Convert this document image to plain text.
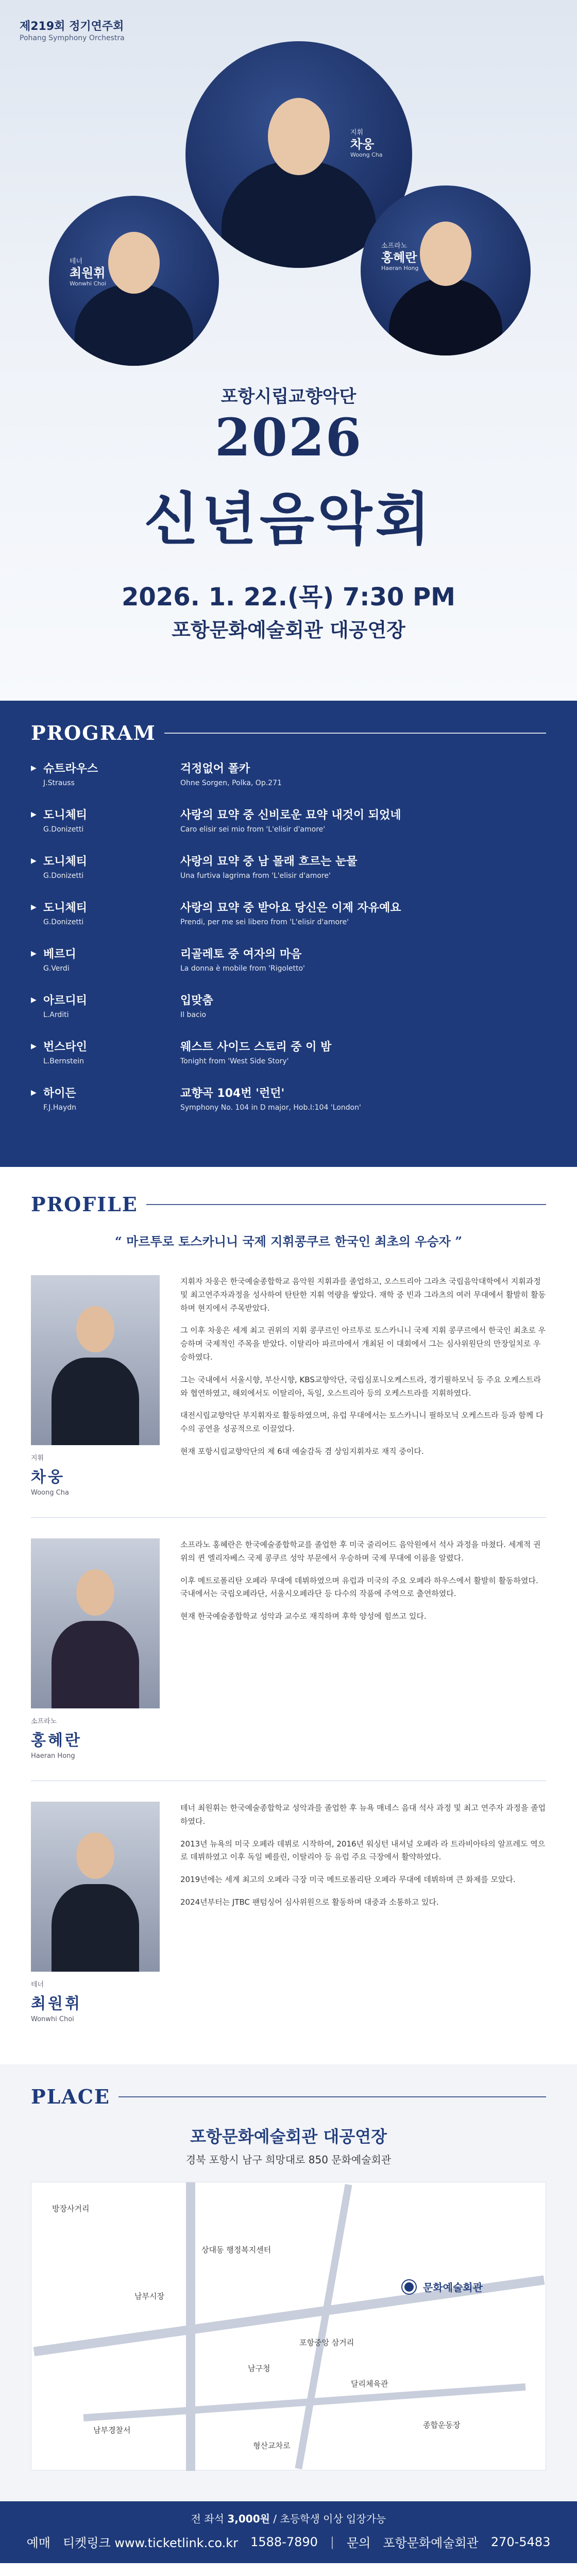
제219회 정기연주회
Pohang Symphony Orchestra
지휘
차웅
Woong Cha
테너
최원휘
Wonwhi Choi
소프라노
홍혜란
Haeran Hong
포항시립교향악단
2026
신년음악회
2026. 1. 22.(목) 7:30 PM
포항문화예술회관 대공연장
PROGRAM
▶ 슈트라우스
J.Strauss
걱정없어 폴카
Ohne Sorgen, Polka, Op.271
▶ 도니체티
G.Donizetti
사랑의 묘약 중 신비로운 묘약 내것이 되었네
Caro elisir sei mio from 'L'elisir d'amore'
▶ 도니체티
G.Donizetti
사랑의 묘약 중 남 몰래 흐르는 눈물
Una furtiva lagrima from 'L'elisir d'amore'
▶ 도니체티
G.Donizetti
사랑의 묘약 중 받아요 당신은 이제 자유예요
Prendi, per me sei libero from 'L'elisir d'amore'
▶ 베르디
G.Verdi
리골레토 중 여자의 마음
La donna è mobile from 'Rigoletto'
▶ 아르디티
L.Arditi
입맞춤
Il bacio
▶ 번스타인
L.Bernstein
웨스트 사이드 스토리 중 이 밤
Tonight from 'West Side Story'
▶ 하이든
F.J.Haydn
교향곡 104번 '런던'
Symphony No. 104 in D major, Hob.I:104 'London'
PROFILE
“ 마르투로 토스카니니 국제 지휘콩쿠르 한국인 최초의 우승자 ”
지휘
차웅
Woong Cha

지휘자 차웅은 한국예술종합학교 음악원 지휘과를 졸업하고, 오스트리아 그라츠 국립음악대학에서 지휘과정 및 최고연주자과정을 성사하여 탄탄한 지휘 역량을 쌓았다. 재학 중 빈과 그라츠의 여러 무대에서 활발히 활동하며 현지에서 주목받았다.

그 이후 차웅은 세계 최고 권위의 지휘 콩쿠르인 아르투로 토스카니니 국제 지휘 콩쿠르에서 한국인 최초로 우승하며 국제적인 주목을 받았다. 이탈리아 파르마에서 개최된 이 대회에서 그는 심사위원단의 만장일치로 우승하였다.

그는 국내에서 서울시향, 부산시향, KBS교향악단, 국립심포니오케스트라, 경기필하모닉 등 주요 오케스트라와 협연하였고, 해외에서도 이탈리아, 독일, 오스트리아 등의 오케스트라를 지휘하였다.

대전시립교향악단 부지휘자로 활동하였으며, 유럽 무대에서는 토스카니니 필하모닉 오케스트라 등과 함께 다수의 공연을 성공적으로 이끌었다.

현재 포항시립교향악단의 제 6대 예술감독 겸 상임지휘자로 재직 중이다.

소프라노
홍혜란
Haeran Hong

소프라노 홍혜란은 한국예술종합학교를 졸업한 후 미국 줄리어드 음악원에서 석사 과정을 마쳤다. 세계적 권위의 퀸 엘리자베스 국제 콩쿠르 성악 부문에서 우승하며 국제 무대에 이름을 알렸다.

이후 메트로폴리탄 오페라 무대에 데뷔하였으며 유럽과 미국의 주요 오페라 하우스에서 활발히 활동하였다. 국내에서는 국립오페라단, 서울시오페라단 등 다수의 작품에 주역으로 출연하였다.

현재 한국예술종합학교 성악과 교수로 재직하며 후학 양성에 힘쓰고 있다.

테너
최원휘
Wonwhi Choi

테너 최원휘는 한국예술종합학교 성악과를 졸업한 후 뉴욕 매네스 음대 석사 과정 및 최고 연주자 과정을 졸업하였다.

2013년 뉴욕의 미국 오페라 데뷔로 시작하여, 2016년 워싱턴 내셔널 오페라 라 트라비아타의 알프레도 역으로 데뷔하였고 이후 독일 베를린, 이탈리아 등 유럽 주요 극장에서 활약하였다.

2019년에는 세계 최고의 오페라 극장 미국 메트로폴리탄 오페라 무대에 데뷔하며 큰 화제를 모았다.

2024년부터는 JTBC 팬텀싱어 심사위원으로 활동하며 대중과 소통하고 있다.

PLACE
포항문화예술회관 대공연장
경북 포항시 남구 희망대로 850 문화예술회관
방장사거리
상대동 행정복지센터
남부시장
포항중앙 삼거리
남구청
달리체육관
남부경찰서
종합운동장
형산교차로
문화예술회관
전 좌석 3,000원 / 초등학생 이상 입장가능
예매 티켓링크 www.ticketlink.co.kr 1588-7890 | 문의 포항문화예술회관 270-5483
